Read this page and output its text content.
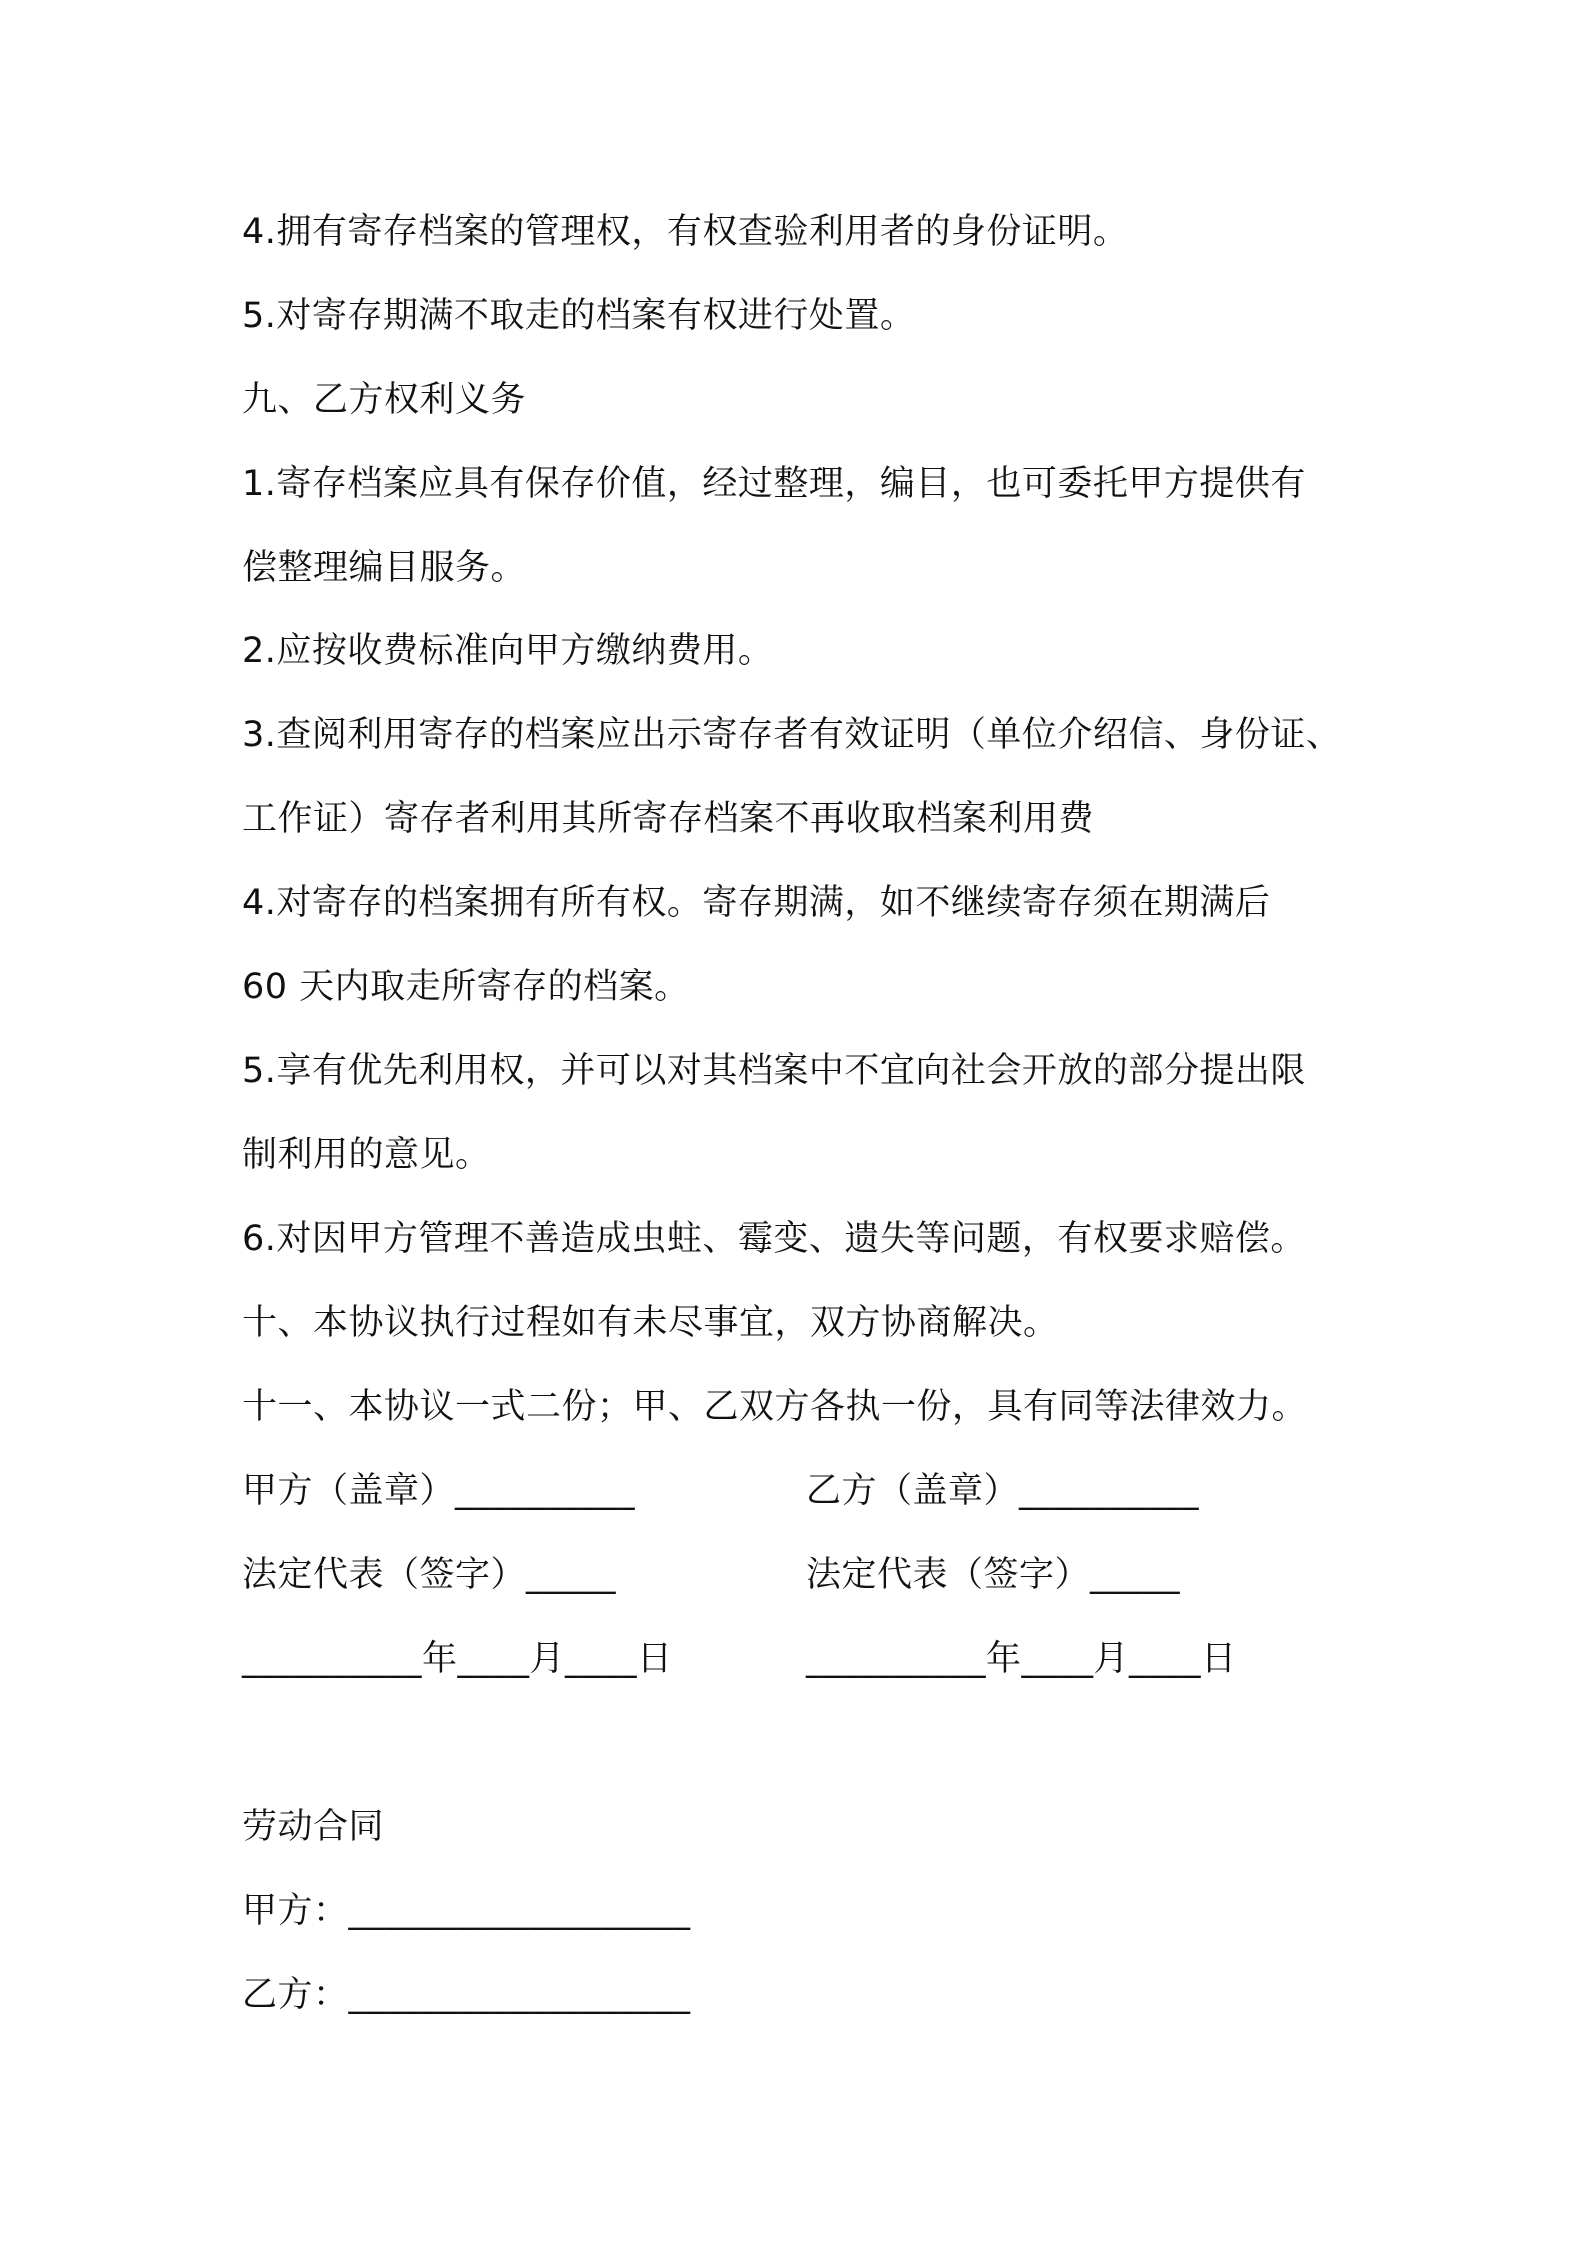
4.拥有寄存档案的管理权，有权查验利用者的身份证明。
5.对寄存期满不取走的档案有权进行处置。
九、乙方权利义务
1.寄存档案应具有保存价值，经过整理，编目，也可委托甲方提供有
偿整理编目服务。
2.应按收费标准向甲方缴纳费用。
3.查阅利用寄存的档案应出示寄存者有效证明（单位介绍信、身份证、
工作证）寄存者利用其所寄存档案不再收取档案利用费
4.对寄存的档案拥有所有权。寄存期满，如不继续寄存须在期满后
60 天内取走所寄存的档案。
5.享有优先利用权，并可以对其档案中不宜向社会开放的部分提出限
制利用的意见。
6.对因甲方管理不善造成虫蛀、霉变、遗失等问题，有权要求赔偿。
十、本协议执行过程如有未尽事宜，双方协商解决。
十一、本协议一式二份；甲、乙双方各执一份，具有同等法律效力。
甲方（盖章）__________	乙方（盖章）__________
法定代表（签字）_____	法定代表（签字）_____
__________年____月____日	__________年____月____日
劳动合同
甲方：___________________
乙方：___________________
